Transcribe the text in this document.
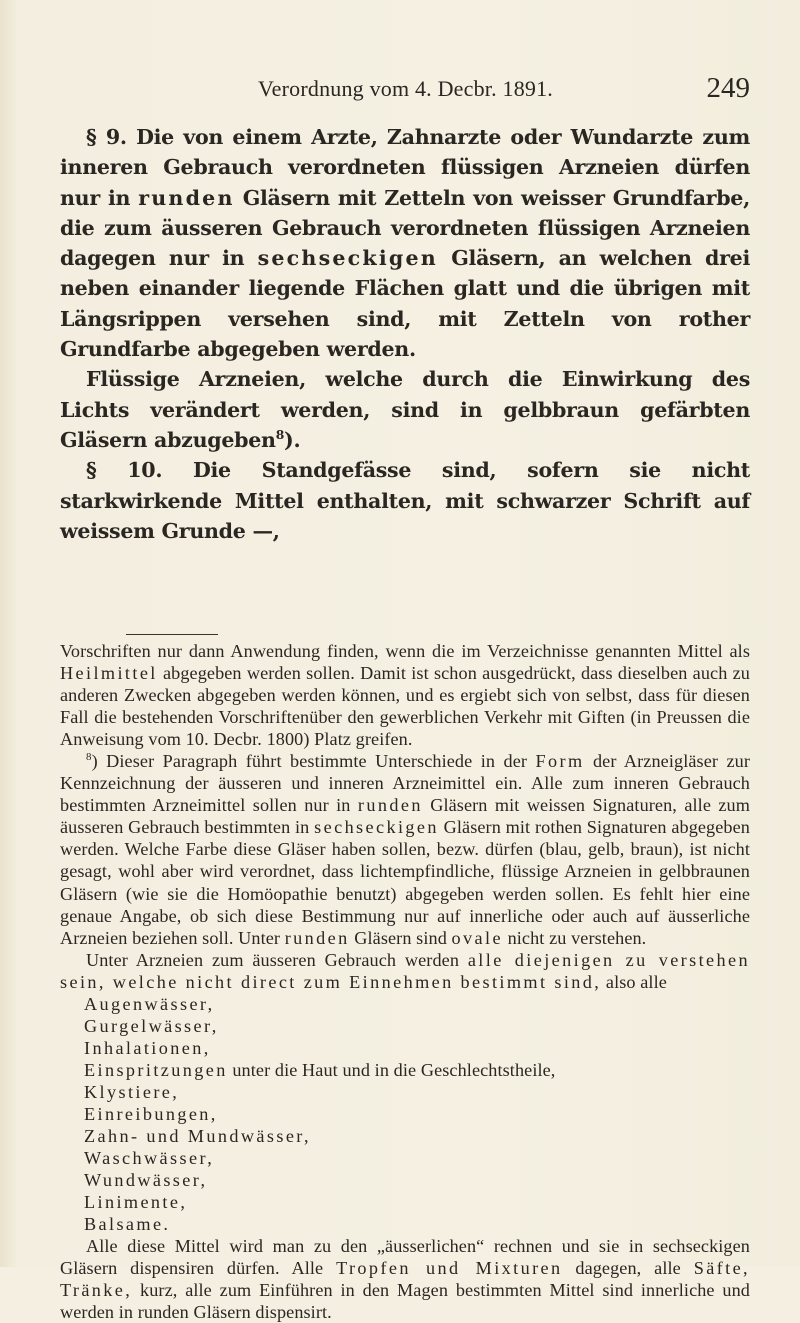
Verordnung vom 4. Decbr. 1891.	249

§ 9. Die von einem Arzte, Zahnarzte oder Wundarzte zum inneren Gebrauch verordneten flüssigen Arzneien dürfen nur in runden Gläsern mit Zetteln von weisser Grundfarbe, die zum äusseren Gebrauch verordneten flüssigen Arzneien dagegen nur in sechseckigen Gläsern, an welchen drei neben einander liegende Flächen glatt und die übrigen mit Längsrippen versehen sind, mit Zetteln von rother Grundfarbe abgegeben werden.

Flüssige Arzneien, welche durch die Einwirkung des Lichts verändert werden, sind in gelbbraun gefärbten Gläsern abzugeben$^8$).

§ 10. Die Standgefässe sind, sofern sie nicht starkwirkende Mittel enthalten, mit schwarzer Schrift auf weissem Grunde —,

Vorschriften nur dann Anwendung finden, wenn die im Verzeichnisse genannten Mittel als Heilmittel abgegeben werden sollen. Damit ist schon ausgedrückt, dass dieselben auch zu anderen Zwecken abgegeben werden können, und es ergiebt sich von selbst, dass für diesen Fall die bestehenden Vorschriftenüber den gewerblichen Verkehr mit Giften (in Preussen die Anweisung vom 10. Decbr. 1800) Platz greifen.

$^8$) Dieser Paragraph führt bestimmte Unterschiede in der Form der Arzneigläser zur Kennzeichnung der äusseren und inneren Arzneimittel ein. Alle zum inneren Gebrauch bestimmten Arzneimittel sollen nur in runden Gläsern mit weissen Signaturen, alle zum äusseren Gebrauch bestimmten in sechseckigen Gläsern mit rothen Signaturen abgegeben werden. Welche Farbe diese Gläser haben sollen, bezw. dürfen (blau, gelb, braun), ist nicht gesagt, wohl aber wird verordnet, dass lichtempfindliche, flüssige Arzneien in gelbbraunen Gläsern (wie sie die Homöopathie benutzt) abgegeben werden sollen. Es fehlt hier eine genaue Angabe, ob sich diese Bestimmung nur auf innerliche oder auch auf äusserliche Arzneien beziehen soll. Unter runden Gläsern sind ovale nicht zu verstehen.

Unter Arzneien zum äusseren Gebrauch werden alle diejenigen zu verstehen sein, welche nicht direct zum Einnehmen bestimmt sind, also alle

Augenwässer,
Gurgelwässer,
Inhalationen,
Einspritzungen unter die Haut und in die Geschlechtstheile,
Klystiere,
Einreibungen,
Zahn- und Mundwässer,
Waschwässer,
Wundwässer,
Linimente,
Balsame.

Alle diese Mittel wird man zu den „äusserlichen“ rechnen und sie in sechseckigen Gläsern dispensiren dürfen. Alle Tropfen und Mixturen dagegen, alle Säfte, Tränke, kurz, alle zum Einführen in den Magen bestimmten Mittel sind innerliche und werden in runden Gläsern dispensirt.
